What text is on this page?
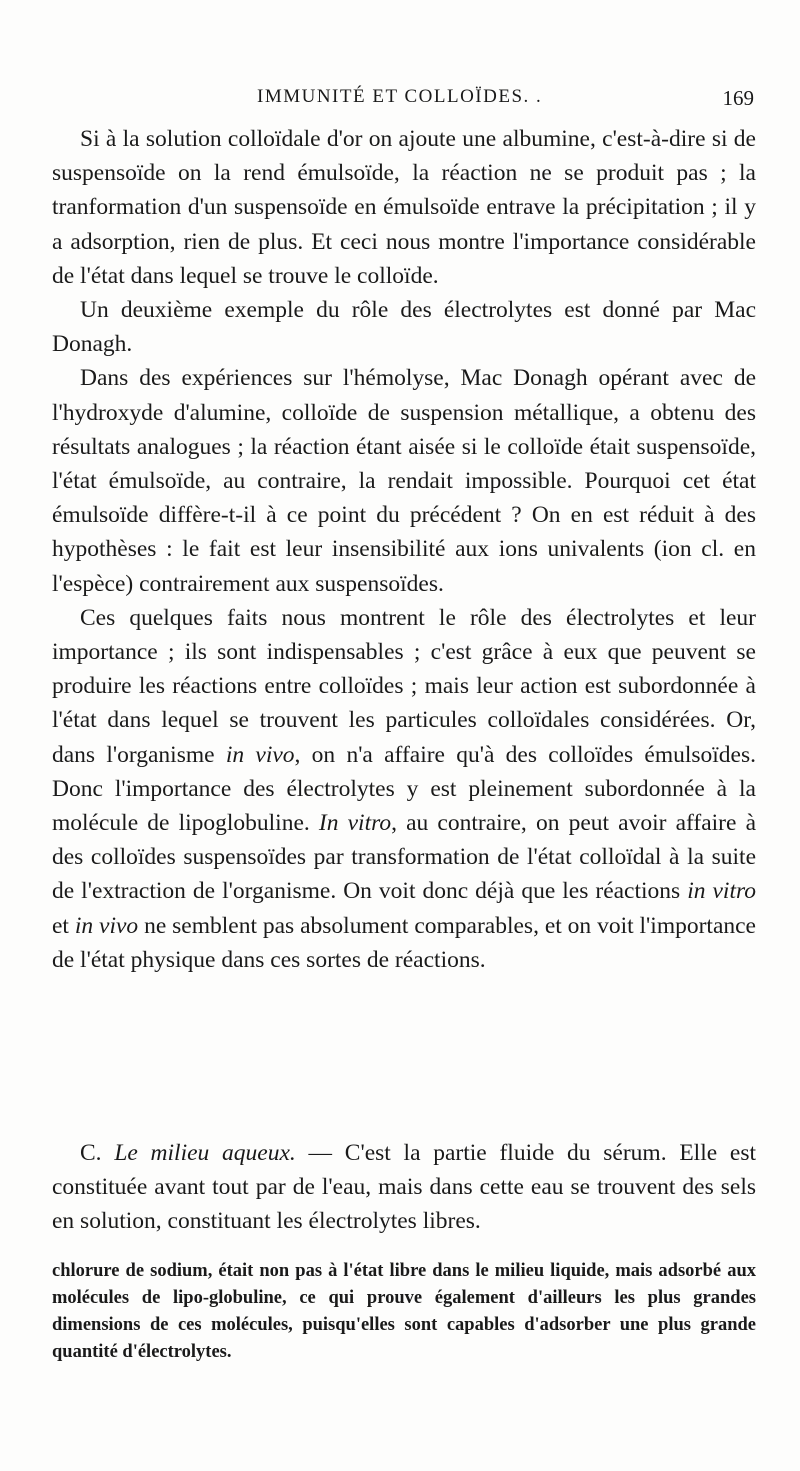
IMMUNITÉ ET COLLOÏDES. .	169

Si à la solution colloïdale d'or on ajoute une albumine, c'est-à-dire si de suspensoïde on la rend émulsoïde, la réaction ne se produit pas ; la tranformation d'un suspensoïde en émulsoïde entrave la précipitation ; il y a adsorption, rien de plus. Et ceci nous montre l'importance considérable de l'état dans lequel se trouve le colloïde.

Un deuxième exemple du rôle des électrolytes est donné par Mac Donagh.

Dans des expériences sur l'hémolyse, Mac Donagh opérant avec de l'hydroxyde d'alumine, colloïde de suspension métallique, a obtenu des résultats analogues ; la réaction étant aisée si le colloïde était suspensoïde, l'état émulsoïde, au contraire, la rendait impossible. Pourquoi cet état émulsoïde diffère-t-il à ce point du précédent ? On en est réduit à des hypothèses : le fait est leur insensibilité aux ions univalents (ion cl. en l'espèce) contrairement aux suspensoïdes.

Ces quelques faits nous montrent le rôle des électrolytes et leur importance ; ils sont indispensables ; c'est grâce à eux que peuvent se produire les réactions entre colloïdes ; mais leur action est subordonnée à l'état dans lequel se trouvent les particules colloïdales considérées. Or, dans l'organisme in vivo, on n'a affaire qu'à des colloïdes émulsoïdes. Donc l'importance des électrolytes y est pleinement subordonnée à la molécule de lipoglobuline. In vitro, au contraire, on peut avoir affaire à des colloïdes suspensoïdes par transformation de l'état colloïdal à la suite de l'extraction de l'organisme. On voit donc déjà que les réactions in vitro et in vivo ne semblent pas absolument comparables, et on voit l'importance de l'état physique dans ces sortes de réactions.

C. Le milieu aqueux. — C'est la partie fluide du sérum. Elle est constituée avant tout par de l'eau, mais dans cette eau se trouvent des sels en solution, constituant les électrolytes libres.

chlorure de sodium, était non pas à l'état libre dans le milieu liquide, mais adsorbé aux molécules de lipo-globuline, ce qui prouve également d'ailleurs les plus grandes dimensions de ces molécules, puisqu'elles sont capables d'adsorber une plus grande quantité d'électrolytes.
